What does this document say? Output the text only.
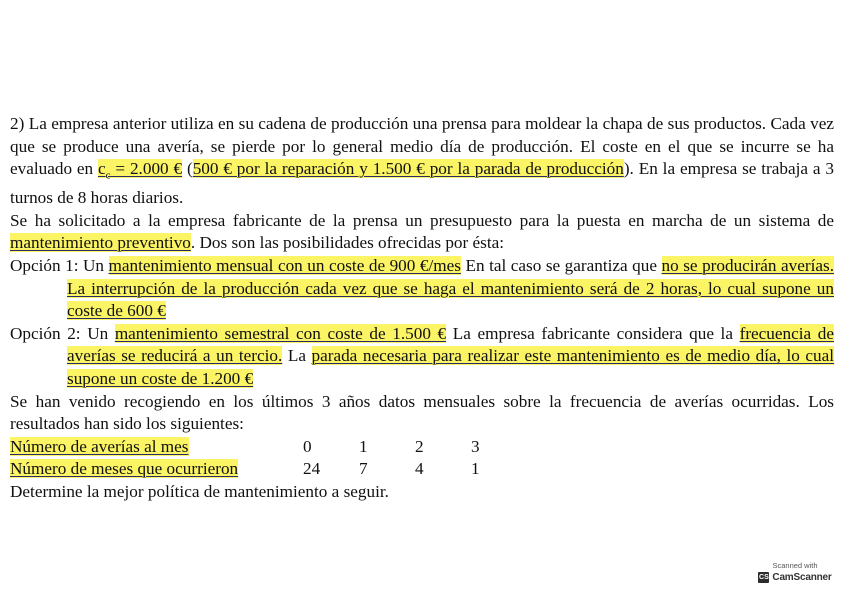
2) La empresa anterior utiliza en su cadena de producción una prensa para moldear la chapa de sus productos. Cada vez que se produce una avería, se pierde por lo general medio día de producción. El coste en el que se incurre se ha evaluado en $c_c = 2.000$ € (500 € por la reparación y 1.500 € por la parada de producción). En la empresa se trabaja a 3 turnos de 8 horas diarios.

Se ha solicitado a la empresa fabricante de la prensa un presupuesto para la puesta en marcha de un sistema de mantenimiento preventivo. Dos son las posibilidades ofrecidas por ésta:

Opción 1: Un mantenimiento mensual con un coste de 900 €/mes En tal caso se garantiza que no se producirán averías. La interrupción de la producción cada vez que se haga el mantenimiento será de 2 horas, lo cual supone un coste de 600 €

Opción 2: Un mantenimiento semestral con coste de 1.500 € La empresa fabricante considera que la frecuencia de averías se reducirá a un tercio. La parada necesaria para realizar este mantenimiento es de medio día, lo cual supone un coste de 1.200 €

Se han venido recogiendo en los últimos 3 años datos mensuales sobre la frecuencia de averías ocurridas. Los resultados han sido los siguientes:

Número de averías al mes	0	1	2	3
Número de meses que ocurrieron	24	7	4	1

Determine la mejor política de mantenimiento a seguir.

Scanned with
CS CamScanner
